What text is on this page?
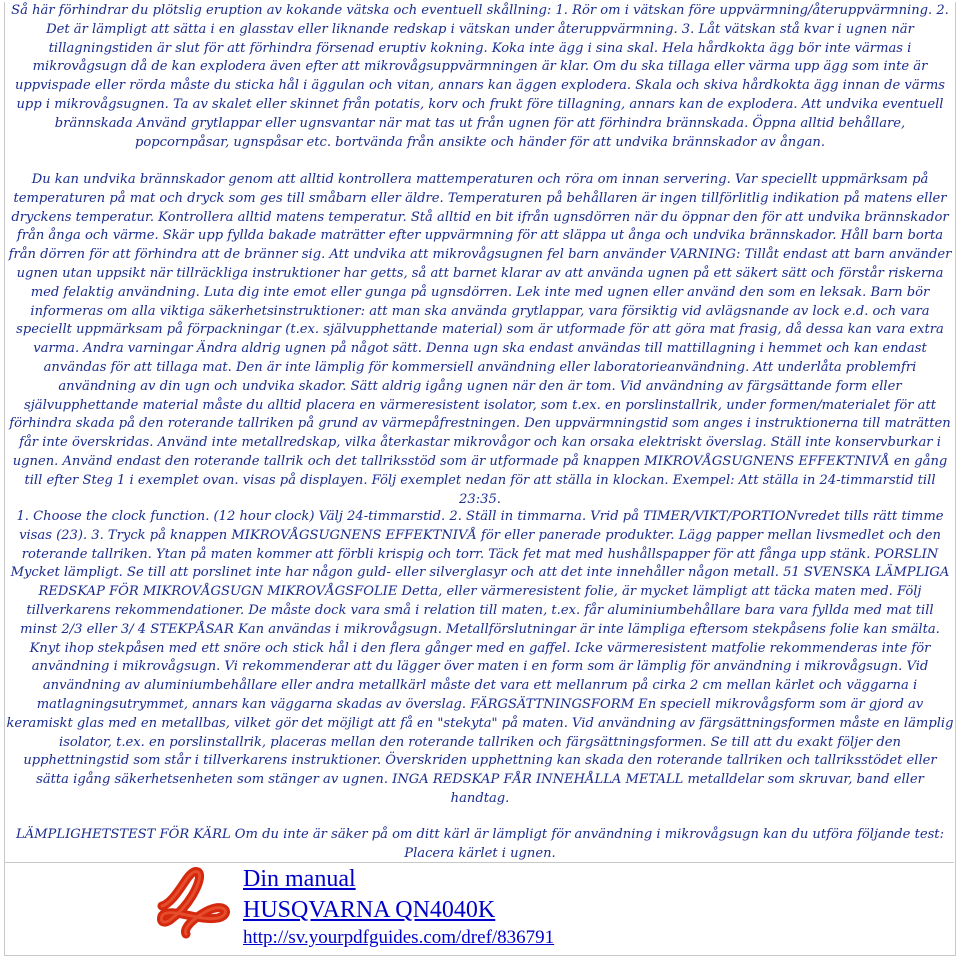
Så här förhindrar du plötslig eruption av kokande vätska och eventuell skållning: 1. Rör om i vätskan före uppvärmning/återuppvärmning. 2. Det är lämpligt att sätta i en glasstav eller liknande redskap i vätskan under återuppvärmning. 3. Låt vätskan stå kvar i ugnen när tillagningstiden är slut för att förhindra försenad eruptiv kokning. Koka inte ägg i sina skal. Hela hårdkokta ägg bör inte värmas i mikrovågsugn då de kan explodera även efter att mikrovågsuppvärmningen är klar. Om du ska tillaga eller värma upp ägg som inte är uppvispade eller rörda måste du sticka hål i äggulan och vitan, annars kan äggen explodera. Skala och skiva hårdkokta ägg innan de värms upp i mikrovågsugnen. Ta av skalet eller skinnet från potatis, korv och frukt före tillagning, annars kan de explodera. Att undvika eventuell brännskada Använd grytlappar eller ugnsvantar när mat tas ut från ugnen för att förhindra brännskada. Öppna alltid behållare, popcornpåsar, ugnspåsar etc. bortvända från ansikte och händer för att undvika brännskador av ångan.

Du kan undvika brännskador genom att alltid kontrollera mattemperaturen och röra om innan servering. Var speciellt uppmärksam på temperaturen på mat och dryck som ges till småbarn eller äldre. Temperaturen på behållaren är ingen tillförlitlig indikation på matens eller dryckens temperatur. Kontrollera alltid matens temperatur. Stå alltid en bit ifrån ugnsdörren när du öppnar den för att undvika brännskador från ånga och värme. Skär upp fyllda bakade maträtter efter uppvärmning för att släppa ut ånga och undvika brännskador. Håll barn borta från dörren för att förhindra att de bränner sig. Att undvika att mikrovågsugnen fel barn använder VARNING: Tillåt endast att barn använder ugnen utan uppsikt när tillräckliga instruktioner har getts, så att barnet klarar av att använda ugnen på ett säkert sätt och förstår riskerna med felaktig användning. Luta dig inte emot eller gunga på ugnsdörren. Lek inte med ugnen eller använd den som en leksak. Barn bör informeras om alla viktiga säkerhetsinstruktioner: att man ska använda grytlappar, vara försiktig vid avlägsnande av lock e.d. och vara speciellt uppmärksam på förpackningar (t.ex. självupphettande material) som är utformade för att göra mat frasig, då dessa kan vara extra varma. Andra varningar Ändra aldrig ugnen på något sätt. Denna ugn ska endast användas till mattillagning i hemmet och kan endast användas för att tillaga mat. Den är inte lämplig för kommersiell användning eller laboratorieanvändning. Att underlåta problemfri användning av din ugn och undvika skador. Sätt aldrig igång ugnen när den är tom. Vid användning av färgsättande form eller självupphettande material måste du alltid placera en värmeresistent isolator, som t.ex. en porslinstallrik, under formen/materialet för att förhindra skada på den roterande tallriken på grund av värmepåfrestningen. Den uppvärmningstid som anges i instruktionerna till maträtten får inte överskridas. Använd inte metallredskap, vilka återkastar mikrovågor och kan orsaka elektriskt överslag. Ställ inte konservburkar i ugnen. Använd endast den roterande tallrik och det tallriksstöd som är utformade på knappen MIKROVÅGSUGNENS EFFEKTNIVÅ en gång till efter Steg 1 i exemplet ovan. visas på displayen. Följ exemplet nedan för att ställa in klockan. Exempel: Att ställa in 24-timmarstid till 23:35.

1. Choose the clock function. (12 hour clock) Välj 24-timmarstid. 2. Ställ in timmarna. Vrid på TIMER/VIKT/PORTIONvredet tills rätt timme visas (23). 3. Tryck på knappen MIKROVÅGSUGNENS EFFEKTNIVÅ för eller panerade produkter. Lägg papper mellan livsmedlet och den roterande tallriken. Ytan på maten kommer att förbli krispig och torr. Täck fet mat med hushållspapper för att fånga upp stänk. PORSLIN Mycket lämpligt. Se till att porslinet inte har någon guld- eller silverglasyr och att det inte innehåller någon metall. 51 SVENSKA LÄMPLIGA REDSKAP FÖR MIKROVÅGSUGN MIKROVÅGSFOLIE Detta, eller värmeresistent folie, är mycket lämpligt att täcka maten med. Följ tillverkarens rekommendationer. De måste dock vara små i relation till maten, t.ex. får aluminiumbehållare bara vara fyllda med mat till minst 2/3 eller 3/ 4 STEKPÅSAR Kan användas i mikrovågsugn. Metallförslutningar är inte lämpliga eftersom stekpåsens folie kan smälta. Knyt ihop stekpåsen med ett snöre och stick hål i den flera gånger med en gaffel. Icke värmeresistent matfolie rekommenderas inte för användning i mikrovågsugn. Vi rekommenderar att du lägger över maten i en form som är lämplig för användning i mikrovågsugn. Vid användning av aluminiumbehållare eller andra metallkärl måste det vara ett mellanrum på cirka 2 cm mellan kärlet och väggarna i matlagningsutrymmet, annars kan väggarna skadas av överslag. FÄRGSÄTTNINGSFORM En speciell mikrovågsform som är gjord av keramiskt glas med en metallbas, vilket gör det möjligt att få en "stekyta" på maten. Vid användning av färgsättningsformen måste en lämplig isolator, t.ex. en porslinstallrik, placeras mellan den roterande tallriken och färgsättningsformen. Se till att du exakt följer den upphettningstid som står i tillverkarens instruktioner. Överskriden upphettning kan skada den roterande tallriken och tallriksstödet eller sätta igång säkerhetsenheten som stänger av ugnen. INGA REDSKAP FÅR INNEHÅLLA METALL metalldelar som skruvar, band eller handtag.

LÄMPLIGHETSTEST FÖR KÄRL Om du inte är säker på om ditt kärl är lämpligt för användning i mikrovågsugn kan du utföra följande test: Placera kärlet i ugnen.

Din manual
HUSQVARNA QN4040K
http://sv.yourpdfguides.com/dref/836791
